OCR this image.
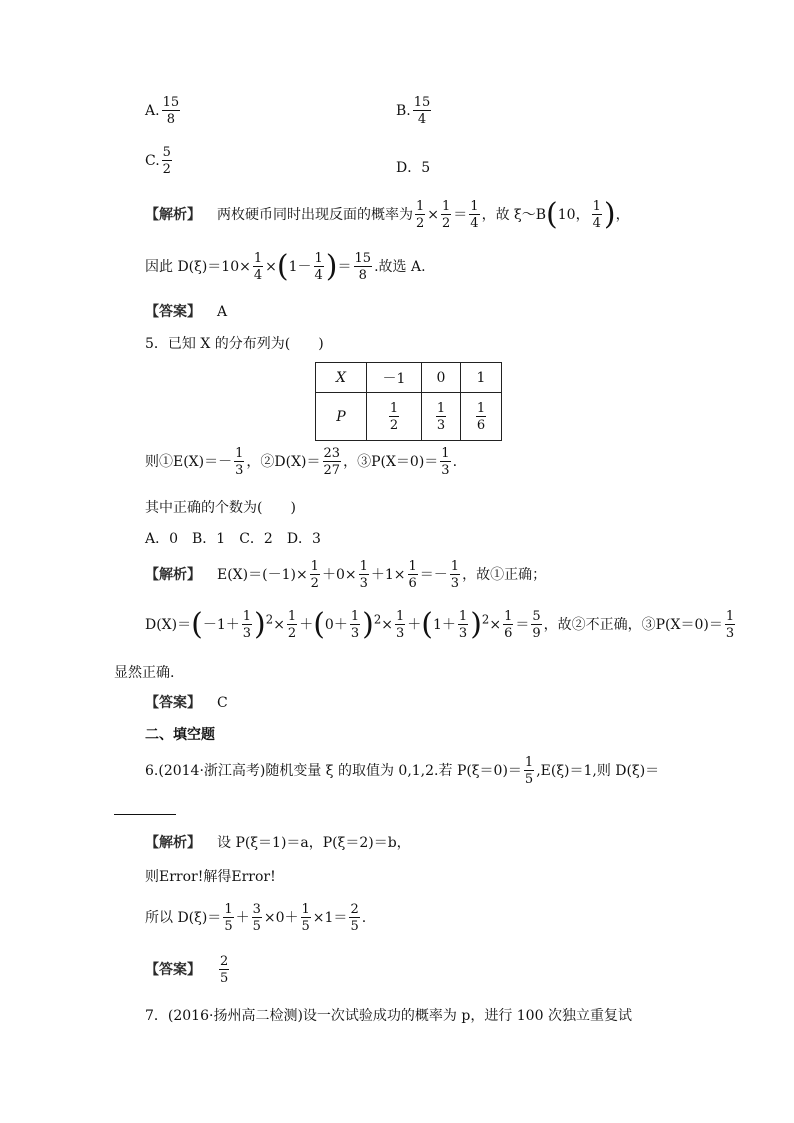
A. $\frac{15}{8}$	B. $\frac{15}{4}$
C. $\frac{5}{2}$	D．5
【解析】 两枚硬币同时出现反面的概率为 $\frac{1}{2} \times \frac{1}{2} = \frac{1}{4}$ ，故 ξ～B(10， $\frac{1}{4}$ )，
因此 $D(\xi)=10\times \frac{1}{4} \times(1- \frac{1}{4}$ )＝ $\frac{15}{8}$ .故选 A.
【答案】 A
5．已知 X 的分布列为(　　)
X	－1	0	1
P	$\frac{1}{2}$	$\frac{1}{3}$	$\frac{1}{6}$
则①E(X)＝－ $\frac{1}{3}$ ，②D(X)＝ $\frac{23}{27}$ ，③P(X＝0)＝ $\frac{1}{3}$ .
其中正确的个数为(　　)
A．0　B．1　C．2　D．3
【解析】 $E(X)=(-1)\times \frac{1}{2} +0\times \frac{1}{3} +1\times \frac{1}{6} =- \frac{1}{3}$ ，故①正确；
$D(X)=(-1+ \frac{1}{3} )^2\times \frac{1}{2} +(0+ \frac{1}{3} )^2\times \frac{1}{3} +(1+ \frac{1}{3} )^2\times \frac{1}{6} = \frac{5}{9}$ ，故②不正确，③P(X＝0)＝ $\frac{1}{3}$
显然正确.
【答案】 C
二、填空题
6.(2014·浙江高考)随机变量 ξ 的取值为 0,1,2.若 $P(\xi=0)= \frac{1}{5} ,E(\xi)=1$,则 D(ξ)＝
【解析】 设 P(ξ＝1)＝a，P(ξ＝2)＝b，
则Error!解得Error!
所以 $D(\xi)= \frac{1}{5} + \frac{3}{5} \times 0+ \frac{1}{5} \times 1= \frac{2}{5}$ .
【答案】 $\frac{2}{5}$
7．(2016·扬州高二检测)设一次试验成功的概率为 p，进行 100 次独立重复试
